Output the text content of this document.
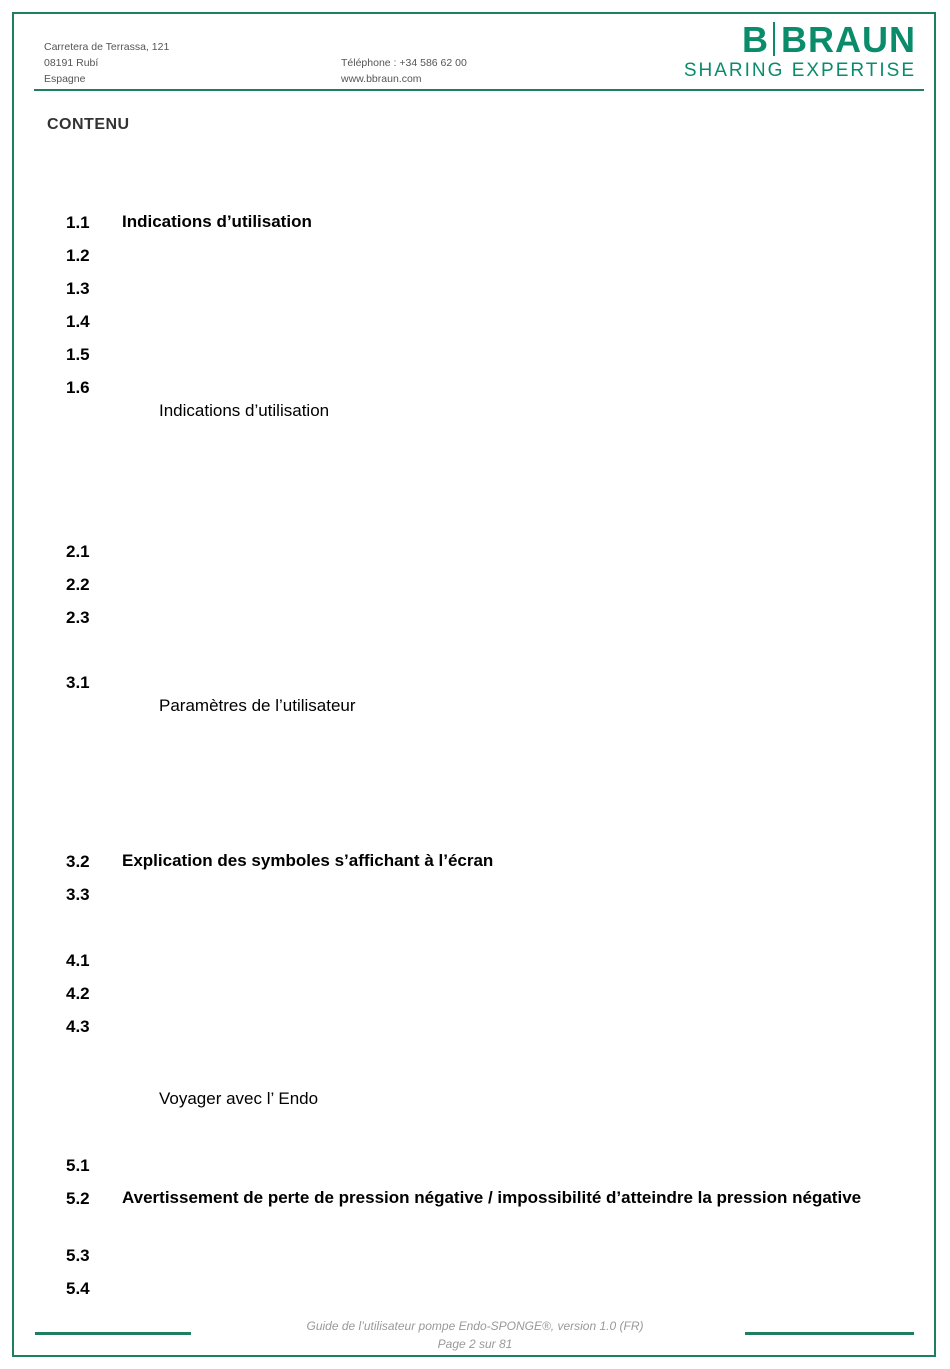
Carretera de Terrassa, 121
08191 Rubí
Espagne
Téléphone : +34 586 62 00
www.bbraun.com
B BRAUN
SHARING EXPERTISE
CONTENU
1.1
1.2
1.3
1.4
1.5
1.6
2.1
2.2
2.3
3.1
3.2
3.3
4.1
4.2
4.3
5.1
5.2
5.3
5.4
Indications d’utilisation
Explication des symboles s’affichant à l’écran
Avertissement de perte de pression négative / impossibilité d’atteindre la pression négative
Indications d’utilisation
Paramètres de l’utilisateur
Voyager avec l’ Endo
Guide de l’utilisateur pompe Endo-SPONGE®, version 1.0 (FR)
Page 2 sur 81
